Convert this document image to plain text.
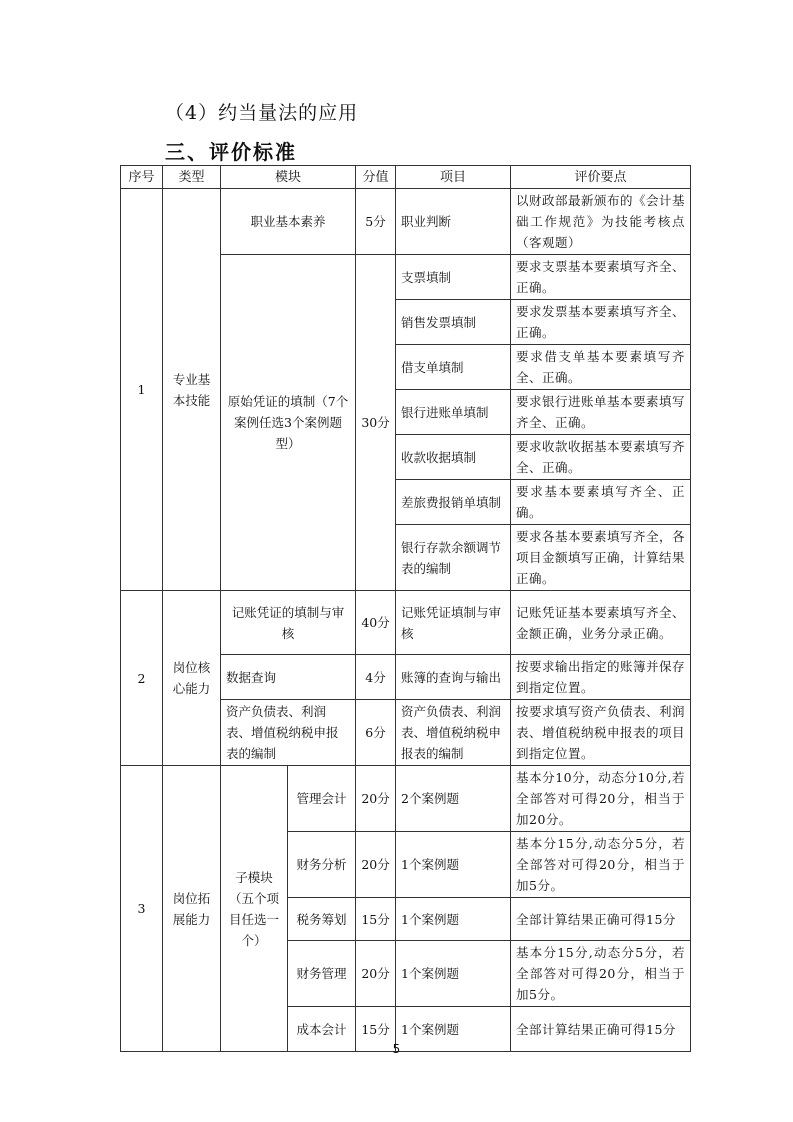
（4）约当量法的应用
三、评价标准
序号	类型	模块		分值	项目	评价要点
1	专业基本技能	职业基本素养		5分	职业判断	以财政部最新颁布的《会计基础工作规范》为技能考核点（客观题）
		原始凭证的填制（7个案例任选3个案例题型）		30分	支票填制	要求支票基本要素填写齐全、正确。
					销售发票填制	要求发票基本要素填写齐全、正确。
					借支单填制	要求借支单基本要素填写齐全、正确。
					银行进账单填制	要求银行进账单基本要素填写齐全、正确。
					收款收据填制	要求收款收据基本要素填写齐全、正确。
					差旅费报销单填制	要求基本要素填写齐全、正确。
					银行存款余额调节表的编制	要求各基本要素填写齐全，各项目金额填写正确，计算结果正确。
2	岗位核心能力	记账凭证的填制与审核		40分	记账凭证填制与审核	记账凭证基本要素填写齐全、金额正确，业务分录正确。
		数据查询		4分	账簿的查询与输出	按要求输出指定的账簿并保存到指定位置。
		资产负债表、利润表、增值税纳税申报表的编制		6分	资产负债表、利润表、增值税纳税申报表的编制	按要求填写资产负债表、利润表、增值税纳税申报表的项目到指定位置。
3	岗位拓展能力	子模块（五个项目任选一个）	管理会计	20分	2个案例题	基本分10分，动态分10分,若全部答对可得20分，相当于加20分。
			财务分析	20分	1个案例题	基本分15分,动态分5分，若全部答对可得20分，相当于加5分。
			税务筹划	15分	1个案例题	全部计算结果正确可得15分
			财务管理	20分	1个案例题	基本分15分,动态分5分，若全部答对可得20分，相当于加5分。
			成本会计	15分	1个案例题	全部计算结果正确可得15分
5
